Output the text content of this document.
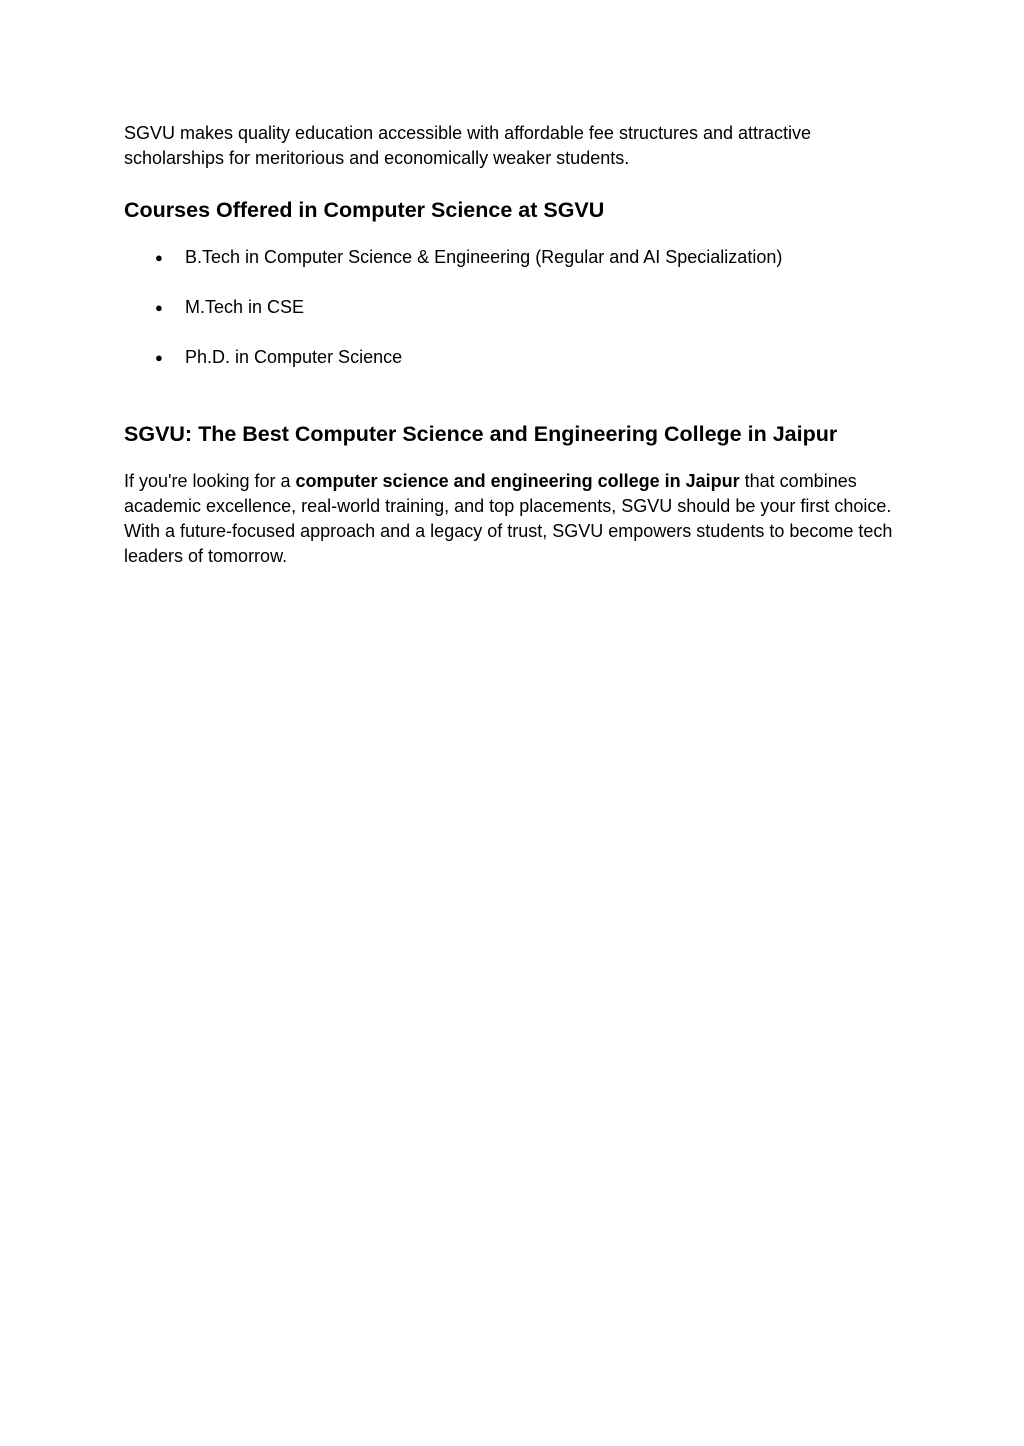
SGVU makes quality education accessible with affordable fee structures and attractive scholarships for meritorious and economically weaker students.

Courses Offered in Computer Science at SGVU
● B.Tech in Computer Science & Engineering (Regular and AI Specialization)
● M.Tech in CSE
● Ph.D. in Computer Science
SGVU: The Best Computer Science and Engineering College in Jaipur

If you're looking for a computer science and engineering college in Jaipur that combines academic excellence, real-world training, and top placements, SGVU should be your first choice. With a future-focused approach and a legacy of trust, SGVU empowers students to become tech leaders of tomorrow.
